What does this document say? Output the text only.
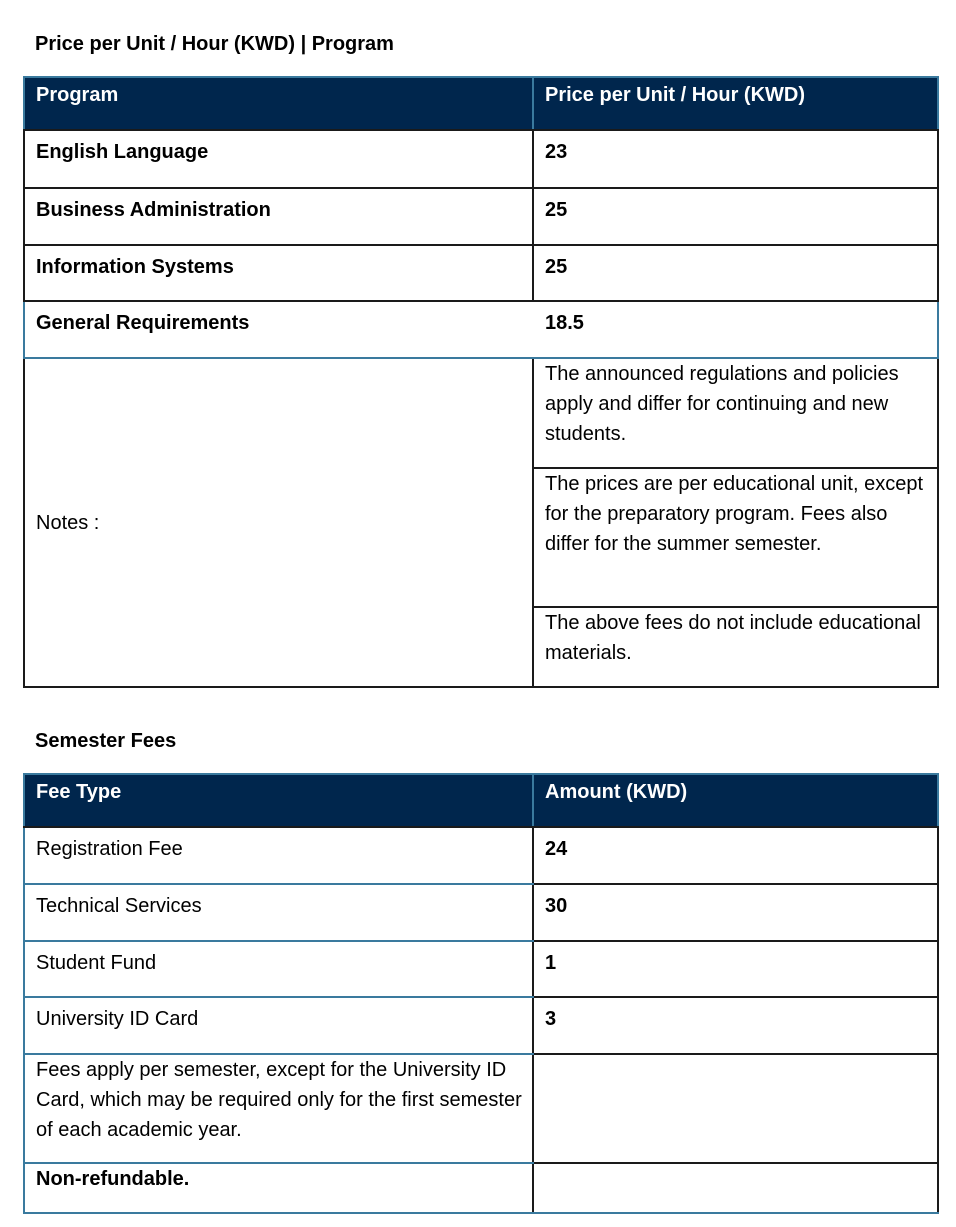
Price per Unit / Hour (KWD) | Program
Program	Price per Unit / Hour (KWD)
English Language	23
Business Administration	25
Information Systems	25
General Requirements	18.5
Notes :	The announced regulations and policies apply and differ for continuing and new students.
	The prices are per educational unit, except for the preparatory program. Fees also differ for the summer semester.
	The above fees do not include educational materials.
Semester Fees
Fee Type	Amount (KWD)
Registration Fee	24
Technical Services	30
Student Fund	1
University ID Card	3
Fees apply per semester, except for the University ID Card, which may be required only for the first semester of each academic year.	
Non-refundable.	
